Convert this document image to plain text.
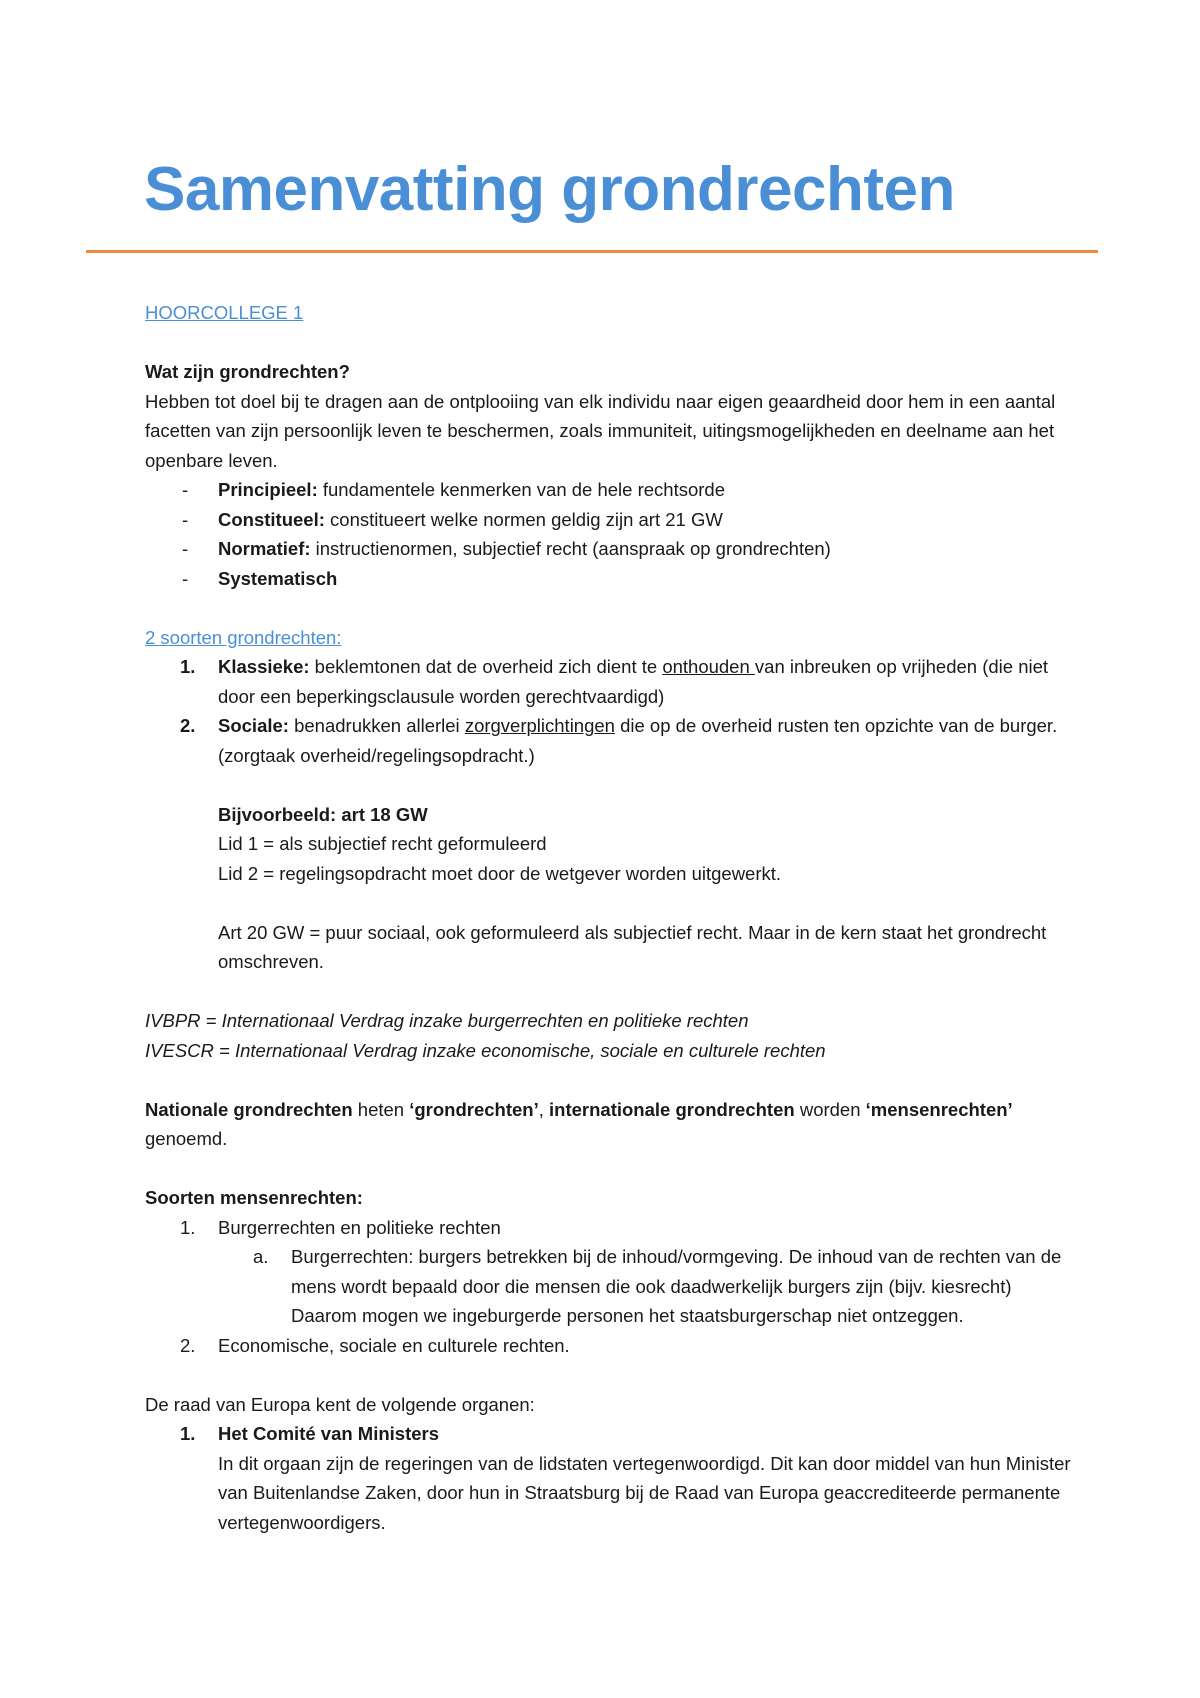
Samenvatting grondrechten
HOORCOLLEGE 1

Wat zijn grondrechten?

Hebben tot doel bij te dragen aan de ontplooiing van elk individu naar eigen geaardheid door hem in een aantal facetten van zijn persoonlijk leven te beschermen, zoals immuniteit, uitingsmogelijkheden en deelname aan het openbare leven.

- Principieel: fundamentele kenmerken van de hele rechtsorde
- Constitueel: constitueert welke normen geldig zijn art 21 GW
- Normatief: instructienormen, subjectief recht (aanspraak op grondrechten)
- Systematisch
2 soorten grondrechten:
1. Klassieke: beklemtonen dat de overheid zich dient te onthouden van inbreuken op vrijheden (die niet door een beperkingsclausule worden gerechtvaardigd)
2. Sociale: benadrukken allerlei zorgverplichtingen die op de overheid rusten ten opzichte van de burger. (zorgtaak overheid/regelingsopdracht.)

Bijvoorbeeld: art 18 GW

Lid 1 = als subjectief recht geformuleerd

Lid 2 = regelingsopdracht moet door de wetgever worden uitgewerkt.

Art 20 GW = puur sociaal, ook geformuleerd als subjectief recht. Maar in de kern staat het grondrecht omschreven.

IVBPR = Internationaal Verdrag inzake burgerrechten en politieke rechten

IVESCR = Internationaal Verdrag inzake economische, sociale en culturele rechten

Nationale grondrechten heten ‘grondrechten’, internationale grondrechten worden ‘mensenrechten’ genoemd.

Soorten mensenrechten:

1. Burgerrechten en politieke rechten
a. Burgerrechten: burgers betrekken bij de inhoud/vormgeving. De inhoud van de rechten van de mens wordt bepaald door die mensen die ook daadwerkelijk burgers zijn (bijv. kiesrecht) Daarom mogen we ingeburgerde personen het staatsburgerschap niet ontzeggen.
2. Economische, sociale en culturele rechten.

De raad van Europa kent de volgende organen:

1. Het Comité van Ministers
In dit orgaan zijn de regeringen van de lidstaten vertegenwoordigd. Dit kan door middel van hun Minister van Buitenlandse Zaken, door hun in Straatsburg bij de Raad van Europa geaccrediteerde permanente vertegenwoordigers.
